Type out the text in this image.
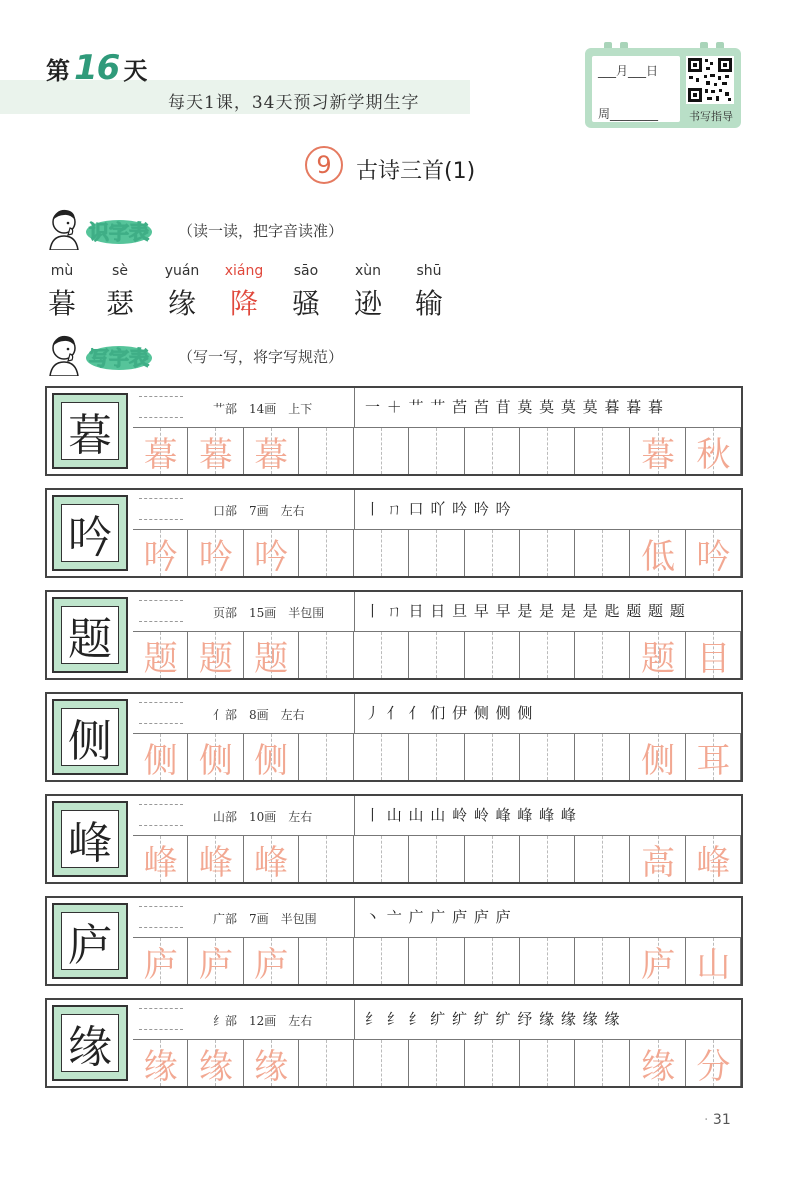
第 16 天
每天1课，34天预习新学期生字
___月___日
周________	书写指导
9	古诗三首(1)
识字表 （读一读，把字音读准）
mù	sè	yuán	xiáng	sāo	xùn	shū
暮	瑟	缘	降	骚	逊	输
写字表 （写一写，将字写规范）
暮
艹部　14画　上下	一 ＋ 艹 艹 苩 苩 苜 莫 莫 莫 莫 暮 暮 暮
暮 暮 暮	暮 秋
吟
口部　7画　左右	丨 ㄇ 口 吖 吟 吟 吟
吟 吟 吟	低 吟
题
页部　15画　半包围	丨 ㄇ 日 日 旦 早 早 是 是 是 是 匙 题 题 题
题 题 题	题 目
侧
亻部　8画　左右	丿 亻 亻 们 伊 侧 侧 侧
侧 侧 侧	侧 耳
峰
山部　10画　左右	丨 山 山 山 岭 岭 峰 峰 峰 峰
峰 峰 峰	高 峰
庐
广部　7画　半包围	丶 亠 广 广 庐 庐 庐
庐 庐 庐	庐 山
缘
纟部　12画　左右	纟 纟 纟 纩 纩 纩 纩 纾 缘 缘 缘 缘
缘 缘 缘	缘 分
· 31
